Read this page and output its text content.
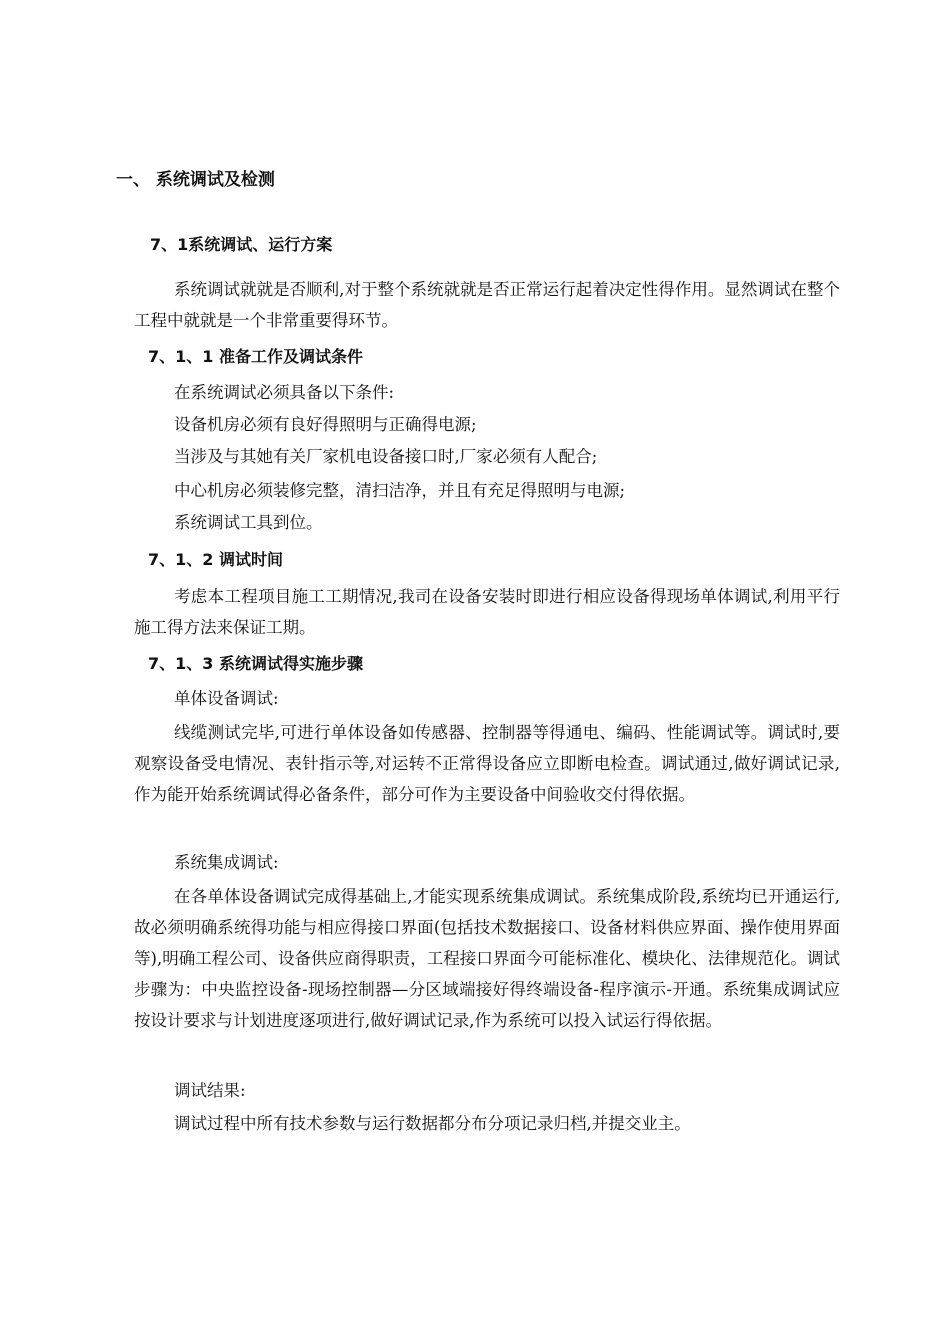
一、 系统调试及检测
7、1系统调试、运行方案

系统调试就就是否顺利,对于整个系统就就是否正常运行起着决定性得作用。显然调试在整个工程中就就是一个非常重要得环节。

7、1、1 准备工作及调试条件
在系统调试必须具备以下条件:
设备机房必须有良好得照明与正确得电源;
当涉及与其她有关厂家机电设备接口时,厂家必须有人配合;
中心机房必须装修完整，清扫洁净，并且有充足得照明与电源;
系统调试工具到位。
7、1、2 调试时间

考虑本工程项目施工工期情况,我司在设备安装时即进行相应设备得现场单体调试,利用平行施工得方法来保证工期。

7、1、3 系统调试得实施步骤
单体设备调试:

线缆测试完毕,可进行单体设备如传感器、控制器等得通电、编码、性能调试等。调试时,要观察设备受电情况、表针指示等,对运转不正常得设备应立即断电检查。调试通过,做好调试记录,作为能开始系统调试得必备条件，部分可作为主要设备中间验收交付得依据。

系统集成调试:

在各单体设备调试完成得基础上,才能实现系统集成调试。系统集成阶段,系统均已开通运行,故必须明确系统得功能与相应得接口界面(包括技术数据接口、设备材料供应界面、操作使用界面等),明确工程公司、设备供应商得职责，工程接口界面今可能标准化、模块化、法律规范化。调试步骤为：中央监控设备-现场控制器—分区域端接好得终端设备-程序演示-开通。系统集成调试应按设计要求与计划进度逐项进行,做好调试记录,作为系统可以投入试运行得依据。

调试结果:
调试过程中所有技术参数与运行数据都分布分项记录归档,并提交业主。
